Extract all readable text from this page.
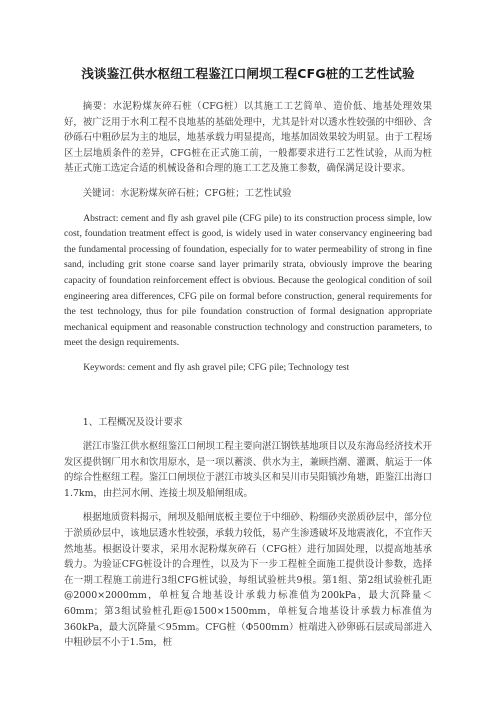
浅谈鉴江供水枢纽工程鉴江口闸坝工程CFG桩的工艺性试验

摘要：水泥粉煤灰碎石桩（CFG桩）以其施工工艺简单、造价低、地基处理效果好，被广泛用于水利工程不良地基的基础处理中，尤其是针对以透水性较强的中细砂、含砂砾石中粗砂层为主的地层，地基承载力明显提高，地基加固效果较为明显。由于工程场区土层地质条件的差异，CFG桩在正式施工前，一般都要求进行工艺性试验，从而为桩基正式施工选定合适的机械设备和合理的施工工艺及施工参数，确保满足设计要求。

关键词：水泥粉煤灰碎石桩；CFG桩；工艺性试验

Abstract: cement and fly ash gravel pile (CFG pile) to its construction process simple, low cost, foundation treatment effect is good, is widely used in water conservancy engineering bad the fundamental processing of foundation, especially for to water permeability of strong in fine sand, including grit stone coarse sand layer primarily strata, obviously improve the bearing capacity of foundation reinforcement effect is obvious. Because the geological condition of soil engineering area differences, CFG pile on formal before construction, general requirements for the test technology, thus for pile foundation construction of formal designation appropriate mechanical equipment and reasonable construction technology and construction parameters, to meet the design requirements.

Keywords: cement and fly ash gravel pile; CFG pile; Technology test

1、工程概况及设计要求

湛江市鉴江供水枢纽鉴江口闸坝工程主要向湛江钢铁基地项目以及东海岛经济技术开发区提供钢厂用水和饮用原水，是一项以蓄淡、供水为主，兼顾挡潮、灌溉、航运于一体的综合性枢纽工程。鉴江口闸坝位于湛江市坡头区和吴川市吴阳镇沙角塘，距鉴江出海口1.7km，由拦河水闸、连接土坝及船闸组成。

根据地质资料揭示，闸坝及船闸底板主要位于中细砂、粉细砂夹淤质砂层中，部分位于淤质砂层中，该地层透水性较强，承载力较低，易产生渗透破坏及地震液化，不宜作天然地基。根据设计要求，采用水泥粉煤灰碎石（CFG桩）进行加固处理，以提高地基承载力。为验证CFG桩设计的合理性，以及为下一步工程桩全面施工提供设计参数，选择在一期工程施工前进行3组CFG桩试验，每组试验桩共9根。第1组、第2组试验桩孔距@2000×2000mm，单桩复合地基设计承载力标准值为200kPa，最大沉降量＜60mm；第3组试验桩孔距@1500×1500mm，单桩复合地基设计承载力标准值为360kPa，最大沉降量＜95mm。CFG桩（Φ500mm）桩端进入砂卵砾石层或局部进入中粗砂层不小于1.5m，桩
